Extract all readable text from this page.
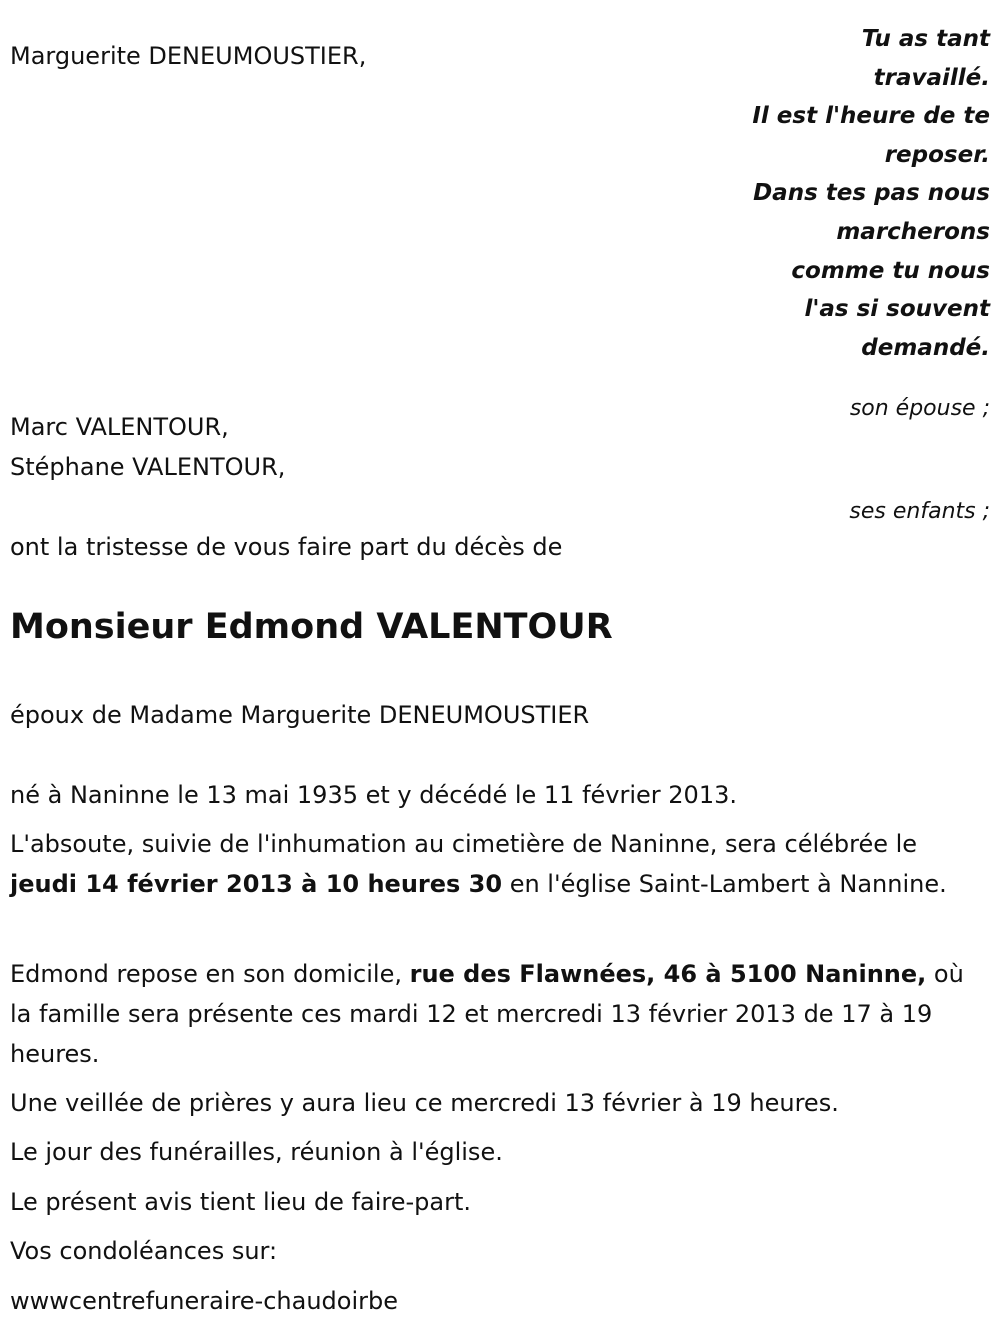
Marguerite DENEUMOUSTIER,

Tu as tant
travaillé.
Il est l'heure de te
reposer.
Dans tes pas nous
marcherons
comme tu nous
l'as si souvent
demandé.

son épouse ;

Marc VALENTOUR,

Stéphane VALENTOUR,

ses enfants ;

ont la tristesse de vous faire part du décès de

Monsieur Edmond VALENTOUR

époux de Madame Marguerite DENEUMOUSTIER

né à Naninne le 13 mai 1935 et y décédé le 11 février 2013.

L'absoute, suivie de l'inhumation au cimetière de Naninne, sera célébrée le jeudi 14 février 2013 à 10 heures 30 en l'église Saint-Lambert à Nannine.

Edmond repose en son domicile, rue des Flawnées, 46 à 5100 Naninne, où la famille sera présente ces mardi 12 et mercredi 13 février 2013 de 17 à 19 heures.

Une veillée de prières y aura lieu ce mercredi 13 février à 19 heures.

Le jour des funérailles, réunion à l'église.

Le présent avis tient lieu de faire-part.

Vos condoléances sur:

wwwcentrefuneraire-chaudoirbe
